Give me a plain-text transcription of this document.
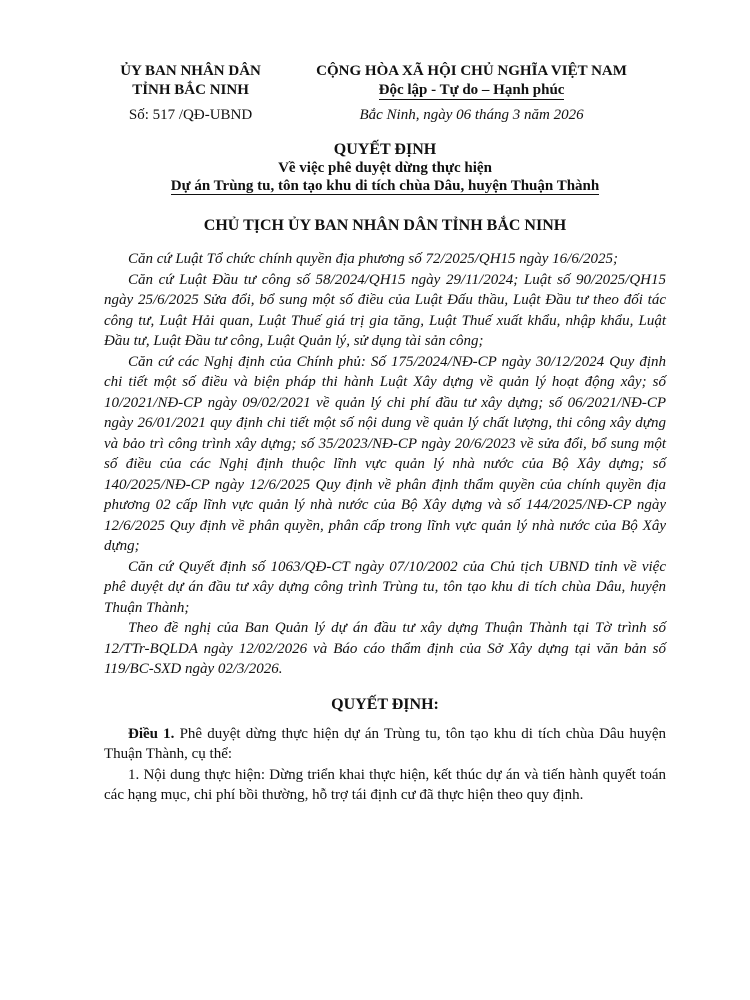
ỦY BAN NHÂN DÂN
TỈNH BẮC NINH
Số: 517 /QĐ-UBND
CỘNG HÒA XÃ HỘI CHỦ NGHĨA VIỆT NAM
Độc lập - Tự do – Hạnh phúc
Bắc Ninh, ngày 06 tháng 3 năm 2026
QUYẾT ĐỊNH
Về việc phê duyệt dừng thực hiện
Dự án Trùng tu, tôn tạo khu di tích chùa Dâu, huyện Thuận Thành
CHỦ TỊCH ỦY BAN NHÂN DÂN TỈNH BẮC NINH

Căn cứ Luật Tổ chức chính quyền địa phương số 72/2025/QH15 ngày 16/6/2025;

Căn cứ Luật Đầu tư công số 58/2024/QH15 ngày 29/11/2024; Luật số 90/2025/QH15 ngày 25/6/2025 Sửa đổi, bổ sung một số điều của Luật Đấu thầu, Luật Đầu tư theo đối tác công tư, Luật Hải quan, Luật Thuế giá trị gia tăng, Luật Thuế xuất khẩu, nhập khẩu, Luật Đầu tư, Luật Đầu tư công, Luật Quản lý, sử dụng tài sản công;

Căn cứ các Nghị định của Chính phủ: Số 175/2024/NĐ-CP ngày 30/12/2024 Quy định chi tiết một số điều và biện pháp thi hành Luật Xây dựng về quản lý hoạt động xây; số 10/2021/NĐ-CP ngày 09/02/2021 về quản lý chi phí đầu tư xây dựng; số 06/2021/NĐ-CP ngày 26/01/2021 quy định chi tiết một số nội dung về quản lý chất lượng, thi công xây dựng và bảo trì công trình xây dựng; số 35/2023/NĐ-CP ngày 20/6/2023 về sửa đổi, bổ sung một số điều của các Nghị định thuộc lĩnh vực quản lý nhà nước của Bộ Xây dựng; số 140/2025/NĐ-CP ngày 12/6/2025 Quy định về phân định thẩm quyền của chính quyền địa phương 02 cấp lĩnh vực quản lý nhà nước của Bộ Xây dựng và số 144/2025/NĐ-CP ngày 12/6/2025 Quy định về phân quyền, phân cấp trong lĩnh vực quản lý nhà nước của Bộ Xây dựng;

Căn cứ Quyết định số 1063/QĐ-CT ngày 07/10/2002 của Chủ tịch UBND tỉnh về việc phê duyệt dự án đầu tư xây dựng công trình Trùng tu, tôn tạo khu di tích chùa Dâu, huyện Thuận Thành;

Theo đề nghị của Ban Quản lý dự án đầu tư xây dựng Thuận Thành tại Tờ trình số 12/TTr-BQLDA ngày 12/02/2026 và Báo cáo thẩm định của Sở Xây dựng tại văn bản số 119/BC-SXD ngày 02/3/2026.

QUYẾT ĐỊNH:

Điều 1. Phê duyệt dừng thực hiện dự án Trùng tu, tôn tạo khu di tích chùa Dâu huyện Thuận Thành, cụ thể:

1. Nội dung thực hiện: Dừng triển khai thực hiện, kết thúc dự án và tiến hành quyết toán các hạng mục, chi phí bồi thường, hỗ trợ tái định cư đã thực hiện theo quy định.
